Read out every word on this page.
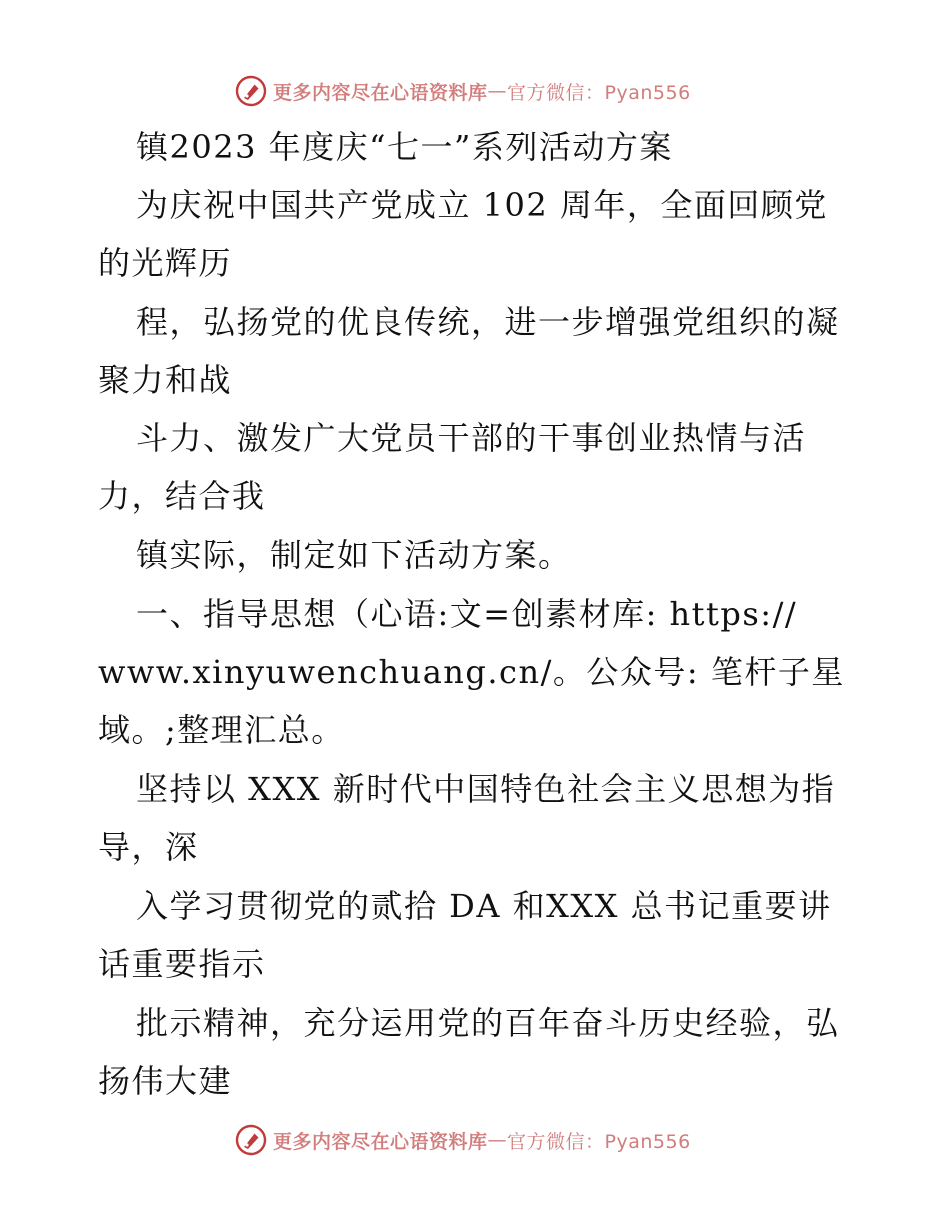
更多内容尽在心语资料库 — 官方微信：Pyan556
镇2023 年度庆“七一”系列活动方案
为庆祝中国共产党成立 102 周年，全面回顾党
的光辉历
程，弘扬党的优良传统，进一步增强党组织的凝
聚力和战
斗力、激发广大党员干部的干事创业热情与活
力，结合我
镇实际，制定如下活动方案。
一、指导思想（心语:文=创素材库: https://
www.xinyuwenchuang.cn/。公众号: 笔杆子星
域。;整理汇总。
坚持以 XXX 新时代中国特色社会主义思想为指
导，深
入学习贯彻党的贰拾 DA 和XXX 总书记重要讲
话重要指示
批示精神，充分运用党的百年奋斗历史经验，弘
扬伟大建
更多内容尽在心语资料库 — 官方微信：Pyan556
